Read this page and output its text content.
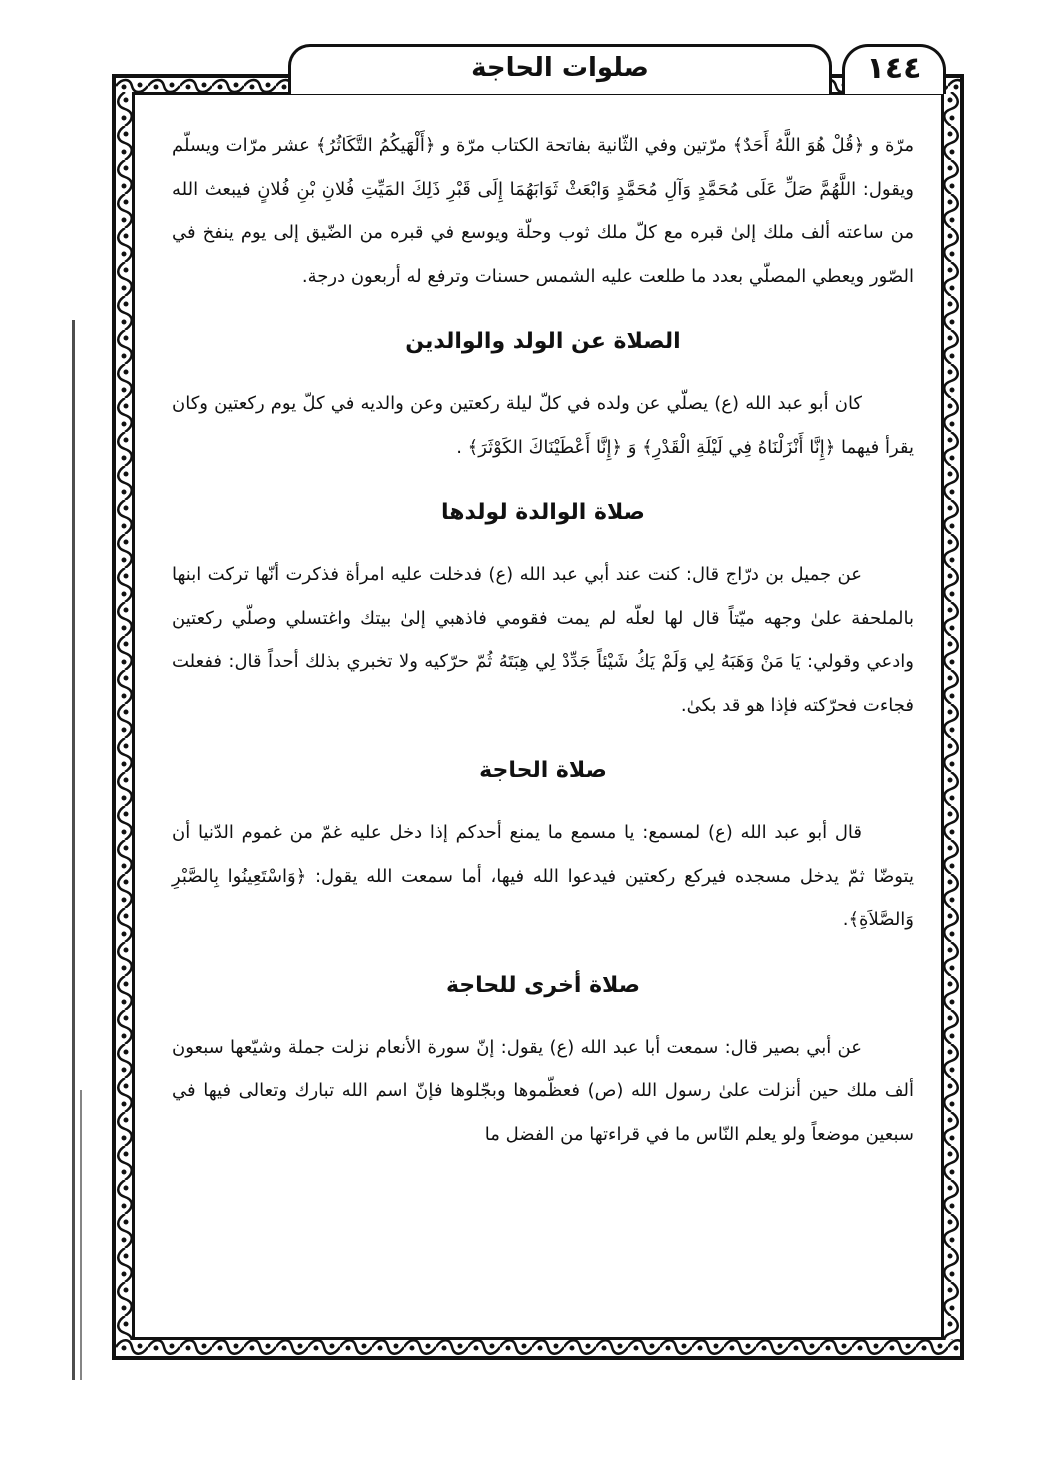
صلوات الحاجة	١٤٤

مرّة و ﴿قُلْ هُوَ اللَّهُ أَحَدٌ﴾ مرّتين وفي الثّانية بفاتحة الكتاب مرّة و ﴿أَلْهَيكُمُ التَّكَاثُرُ﴾ عشر مرّات ويسلّم ويقول: اللَّهُمَّ صَلِّ عَلَى مُحَمَّدٍ وَآلِ مُحَمَّدٍ وَابْعَثْ ثَوَابَهُمَا إِلَى قَبْرِ ذَلِكَ المَيِّتِ فُلانِ بْنِ فُلانٍ فيبعث الله من ساعته ألف ملك إلىٰ قبره مع كلّ ملك ثوب وحلّة ويوسع في قبره من الضّيق إلى يوم ينفخ في الصّور ويعطي المصلّي بعدد ما طلعت عليه الشمس حسنات وترفع له أربعون درجة.

الصلاة عن الولد والوالدين

كان أبو عبد الله (ع) يصلّي عن ولده في كلّ ليلة ركعتين وعن والديه في كلّ يوم ركعتين وكان يقرأ فيهما ﴿إِنَّا أَنْزَلْنَاهُ فِي لَيْلَةِ الْقَدْرِ﴾ وَ ﴿إِنَّا أَعْطَيْنَاكَ الكَوْثَرَ﴾ .

صلاة الوالدة لولدها

عن جميل بن درّاج قال: كنت عند أبي عبد الله (ع) فدخلت عليه امرأة فذكرت أنّها تركت ابنها بالملحفة علىٰ وجهه ميّتاً قال لها لعلّه لم يمت فقومي فاذهبي إلىٰ بيتك واغتسلي وصلّي ركعتين وادعي وقولي: يَا مَنْ وَهَبَهُ لِي وَلَمْ يَكُ شَيْئاً جَدِّدْ لِي هِبَتَهُ ثُمّ حرّكيه ولا تخبري بذلك أحداً قال: ففعلت فجاءت فحرّكته فإذا هو قد بكىٰ.

صلاة الحاجة

قال أبو عبد الله (ع) لمسمع: يا مسمع ما يمنع أحدكم إذا دخل عليه غمّ من غموم الدّنيا أن يتوضّا ثمّ يدخل مسجده فيركع ركعتين فيدعوا الله فيها، أما سمعت الله يقول: ﴿وَاسْتَعِينُوا بِالصَّبْرِ وَالصَّلاَةِ﴾.

صلاة أخرى للحاجة

عن أبي بصير قال: سمعت أبا عبد الله (ع) يقول: إنّ سورة الأنعام نزلت جملة وشيّعها سبعون ألف ملك حين أنزلت علىٰ رسول الله (ص) فعظّموها وبجّلوها فإنّ اسم الله تبارك وتعالى فيها في سبعين موضعاً ولو يعلم النّاس ما في قراءتها من الفضل ما
